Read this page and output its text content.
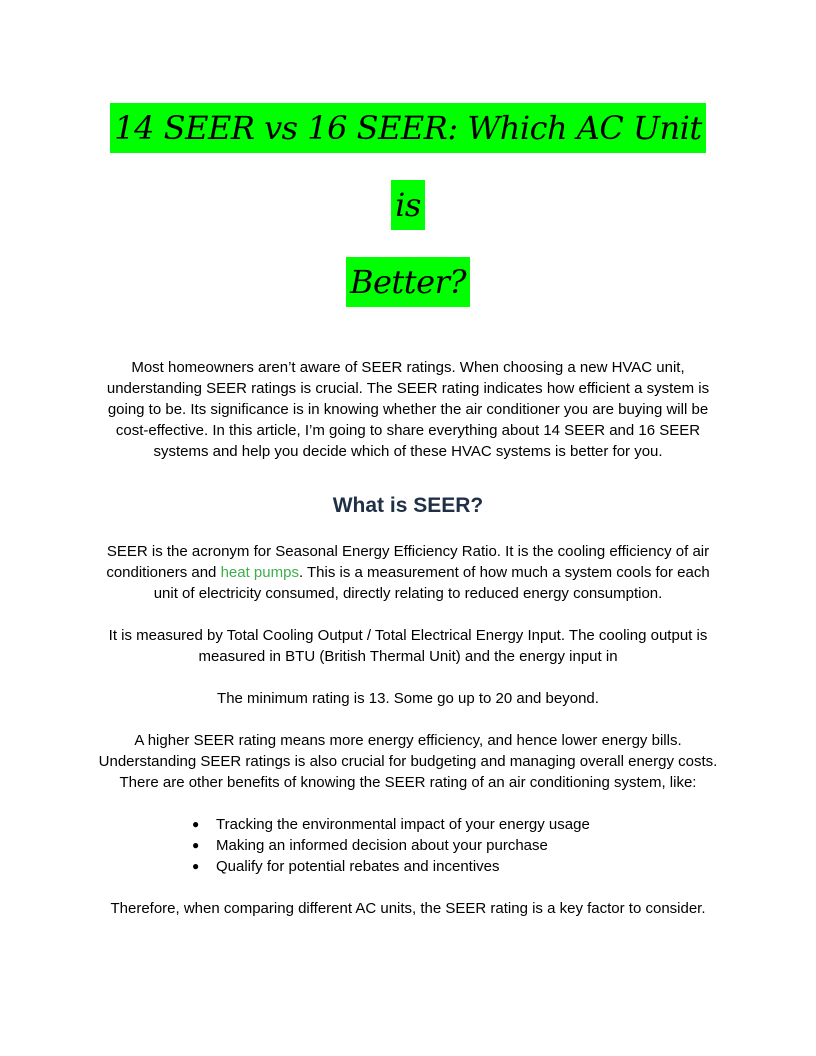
14 SEER vs 16 SEER: Which AC Unit is
Better?

Most homeowners aren’t aware of SEER ratings. When choosing a new HVAC unit, understanding SEER ratings is crucial. The SEER rating indicates how efficient a system is going to be. Its significance is in knowing whether the air conditioner you are buying will be cost-effective. In this article, I’m going to share everything about 14 SEER and 16 SEER systems and help you decide which of these HVAC systems is better for you.

What is SEER?

SEER is the acronym for Seasonal Energy Efficiency Ratio. It is the cooling efficiency of air conditioners and heat pumps. This is a measurement of how much a system cools for each unit of electricity consumed, directly relating to reduced energy consumption.

It is measured by Total Cooling Output / Total Electrical Energy Input. The cooling output is measured in BTU (British Thermal Unit) and the energy input in

The minimum rating is 13. Some go up to 20 and beyond.

A higher SEER rating means more energy efficiency, and hence lower energy bills. Understanding SEER ratings is also crucial for budgeting and managing overall energy costs. There are other benefits of knowing the SEER rating of an air conditioning system, like:

● Tracking the environmental impact of your energy usage
● Making an informed decision about your purchase
● Qualify for potential rebates and incentives

Therefore, when comparing different AC units, the SEER rating is a key factor to consider.
